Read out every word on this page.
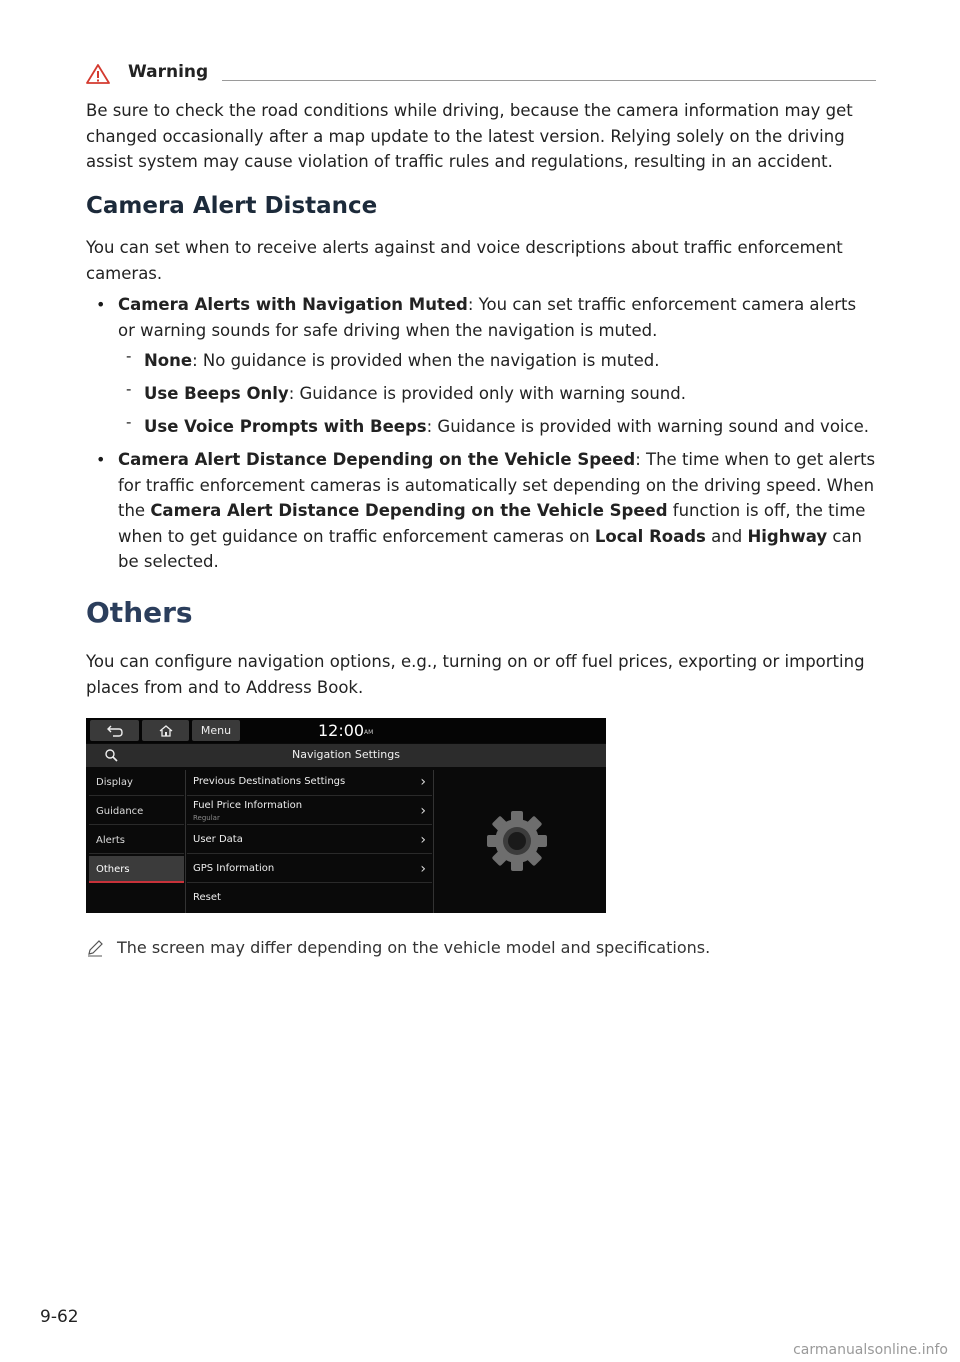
Warning

Be sure to check the road conditions while driving, because the camera information may get changed occasionally after a map update to the latest version. Relying solely on the driving assist system may cause violation of traffic rules and regulations, resulting in an accident.

Camera Alert Distance

You can set when to receive alerts against and voice descriptions about traffic enforcement cameras.

• Camera Alerts with Navigation Muted: You can set traffic enforcement camera alerts or warning sounds for safe driving when the navigation is muted.

- None: No guidance is provided when the navigation is muted.

- Use Beeps Only: Guidance is provided only with warning sound.

- Use Voice Prompts with Beeps: Guidance is provided with warning sound and voice.

• Camera Alert Distance Depending on the Vehicle Speed: The time when to get alerts for traffic enforcement cameras is automatically set depending on the driving speed. When the Camera Alert Distance Depending on the Vehicle Speed function is off, the time when to get guidance on traffic enforcement cameras on Local Roads and Highway can be selected.

Others

You can configure navigation options, e.g., turning on or off fuel prices, exporting or importing places from and to Address Book.

Menu	12:00 AM
Navigation Settings
Display
Guidance
Alerts
Others
Previous Destinations Settings	›
Fuel Price Information
Regular	›
User Data	›
GPS Information	›
Reset

The screen may differ depending on the vehicle model and specifications.

9-62
carmanualsonline.info
